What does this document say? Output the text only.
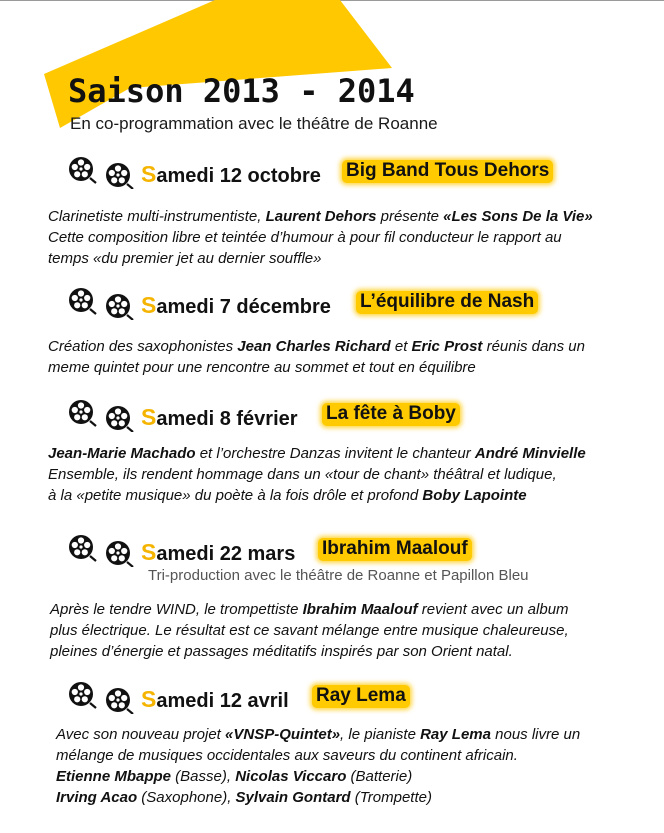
Saison 2013 - 2014

En co-programmation avec le théâtre de Roanne

Samedi 12 octobre Big Band Tous Dehors

Clarinetiste multi-instrumentiste, Laurent Dehors présente «Les Sons De la Vie»

Cette composition libre et teintée d’humour à pour fil conducteur le rapport au

temps «du premier jet au dernier souffle»

Samedi 7 décembre L’équilibre de Nash

Création des saxophonistes Jean Charles Richard et Eric Prost réunis dans un

meme quintet pour une rencontre au sommet et tout en équilibre

Samedi 8 février La fête à Boby

Jean-Marie Machado et l’orchestre Danzas invitent le chanteur André Minvielle

Ensemble, ils rendent hommage dans un «tour de chant» théâtral et ludique,

à la «petite musique» du poète à la fois drôle et profond Boby Lapointe

Samedi 22 mars Ibrahim Maalouf
Tri-production avec le théâtre de Roanne et Papillon Bleu

Après le tendre WIND, le trompettiste Ibrahim Maalouf revient avec un album

plus électrique. Le résultat est ce savant mélange entre musique chaleureuse,

pleines d’énergie et passages méditatifs inspirés par son Orient natal.

Samedi 12 avril Ray Lema

Avec son nouveau projet «VNSP-Quintet», le pianiste Ray Lema nous livre un

mélange de musiques occidentales aux saveurs du continent africain.

Etienne Mbappe (Basse), Nicolas Viccaro (Batterie)

Irving Acao (Saxophone), Sylvain Gontard (Trompette)
